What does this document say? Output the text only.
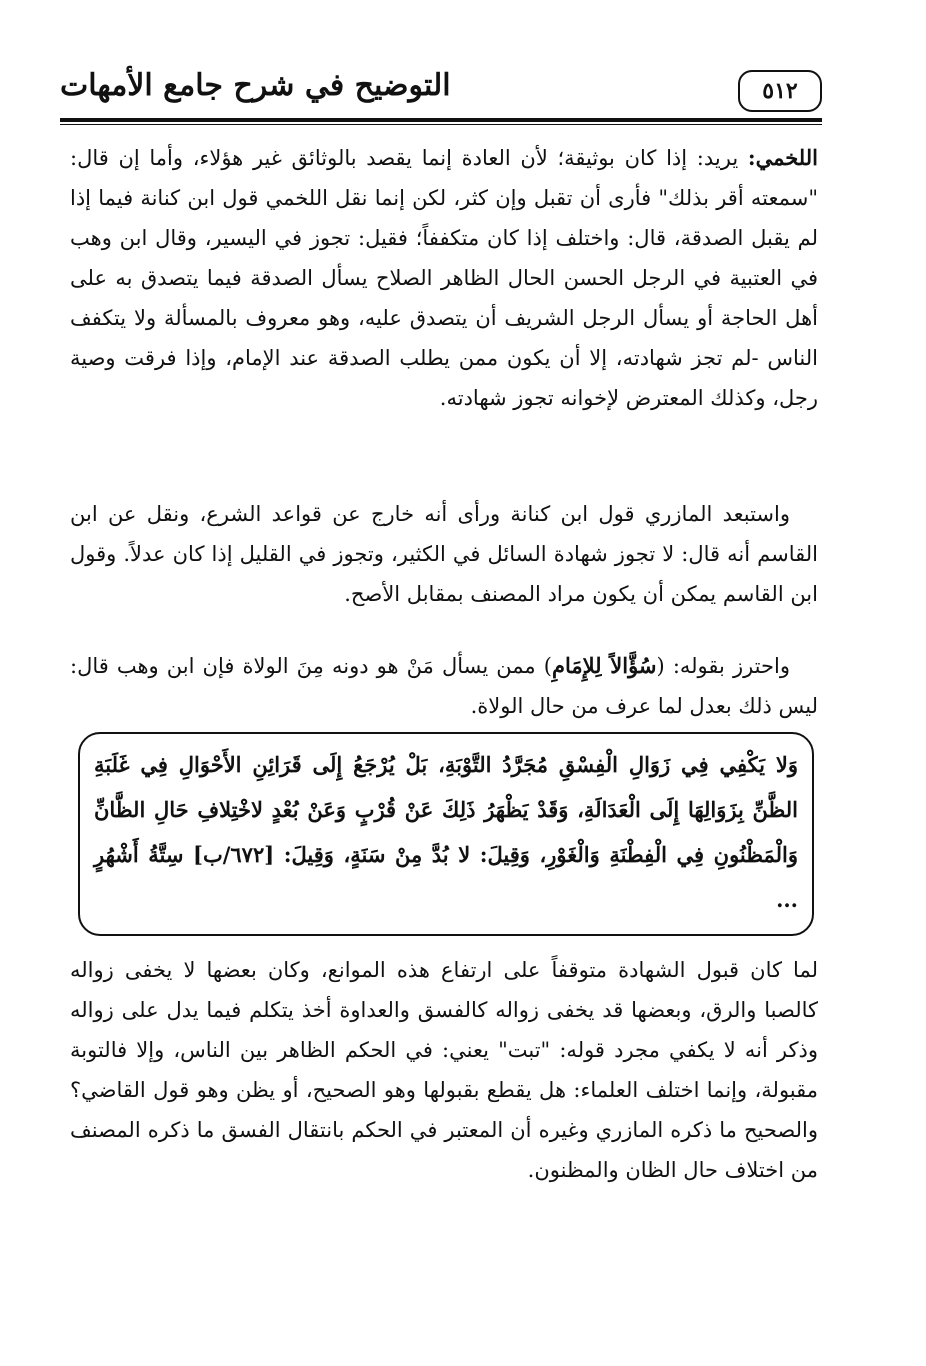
التوضيح في شرح جامع الأمهات	٥١٢

اللخمي: يريد: إذا كان بوثيقة؛ لأن العادة إنما يقصد بالوثائق غير هؤلاء، وأما إن قال: "سمعته أقر بذلك" فأرى أن تقبل وإن كثر، لكن إنما نقل اللخمي قول ابن كنانة فيما إذا لم يقبل الصدقة، قال: واختلف إذا كان متكففاً؛ فقيل: تجوز في اليسير، وقال ابن وهب في العتبية في الرجل الحسن الحال الظاهر الصلاح يسأل الصدقة فيما يتصدق به على أهل الحاجة أو يسأل الرجل الشريف أن يتصدق عليه، وهو معروف بالمسألة ولا يتكفف الناس -لم تجز شهادته، إلا أن يكون ممن يطلب الصدقة عند الإمام، وإذا فرقت وصية رجل، وكذلك المعترض لإخوانه تجوز شهادته.

واستبعد المازري قول ابن كنانة ورأى أنه خارج عن قواعد الشرع، ونقل عن ابن القاسم أنه قال: لا تجوز شهادة السائل في الكثير، وتجوز في القليل إذا كان عدلاً. وقول ابن القاسم يمكن أن يكون مراد المصنف بمقابل الأصح.

واحترز بقوله: (سُؤَّالاً لِلإِمَامِ) ممن يسأل مَنْ هو دونه مِنَ الولاة فإن ابن وهب قال: ليس ذلك بعدل لما عرف من حال الولاة.

وَلا يَكْفِي فِي زَوَالِ الْفِسْقِ مُجَرَّدُ التَّوْبَةِ، بَلْ يُرْجَعُ إِلَى قَرَائِنِ الأَحْوَالِ فِي غَلَبَةِ الظَّنِّ بِزَوَالِهَا إِلَى الْعَدَالَةِ، وَقَدْ يَظْهَرُ ذَلِكَ عَنْ قُرْبٍ وَعَنْ بُعْدٍ لاخْتِلافِ حَالِ الظَّانِّ وَالْمَظْنُونِ فِي الْفِطْنَةِ وَالْغَوْرِ، وَقِيلَ: لا بُدَّ مِنْ سَنَةٍ، وَقِيلَ: [٦٧٢/ب] سِتَّةُ أَشْهُرٍ ...

لما كان قبول الشهادة متوقفاً على ارتفاع هذه الموانع، وكان بعضها لا يخفى زواله كالصبا والرق، وبعضها قد يخفى زواله كالفسق والعداوة أخذ يتكلم فيما يدل على زواله وذكر أنه لا يكفي مجرد قوله: "تبت" يعني: في الحكم الظاهر بين الناس، وإلا فالتوبة مقبولة، وإنما اختلف العلماء: هل يقطع بقبولها وهو الصحيح، أو يظن وهو قول القاضي؟ والصحيح ما ذكره المازري وغيره أن المعتبر في الحكم بانتقال الفسق ما ذكره المصنف من اختلاف حال الظان والمظنون.
